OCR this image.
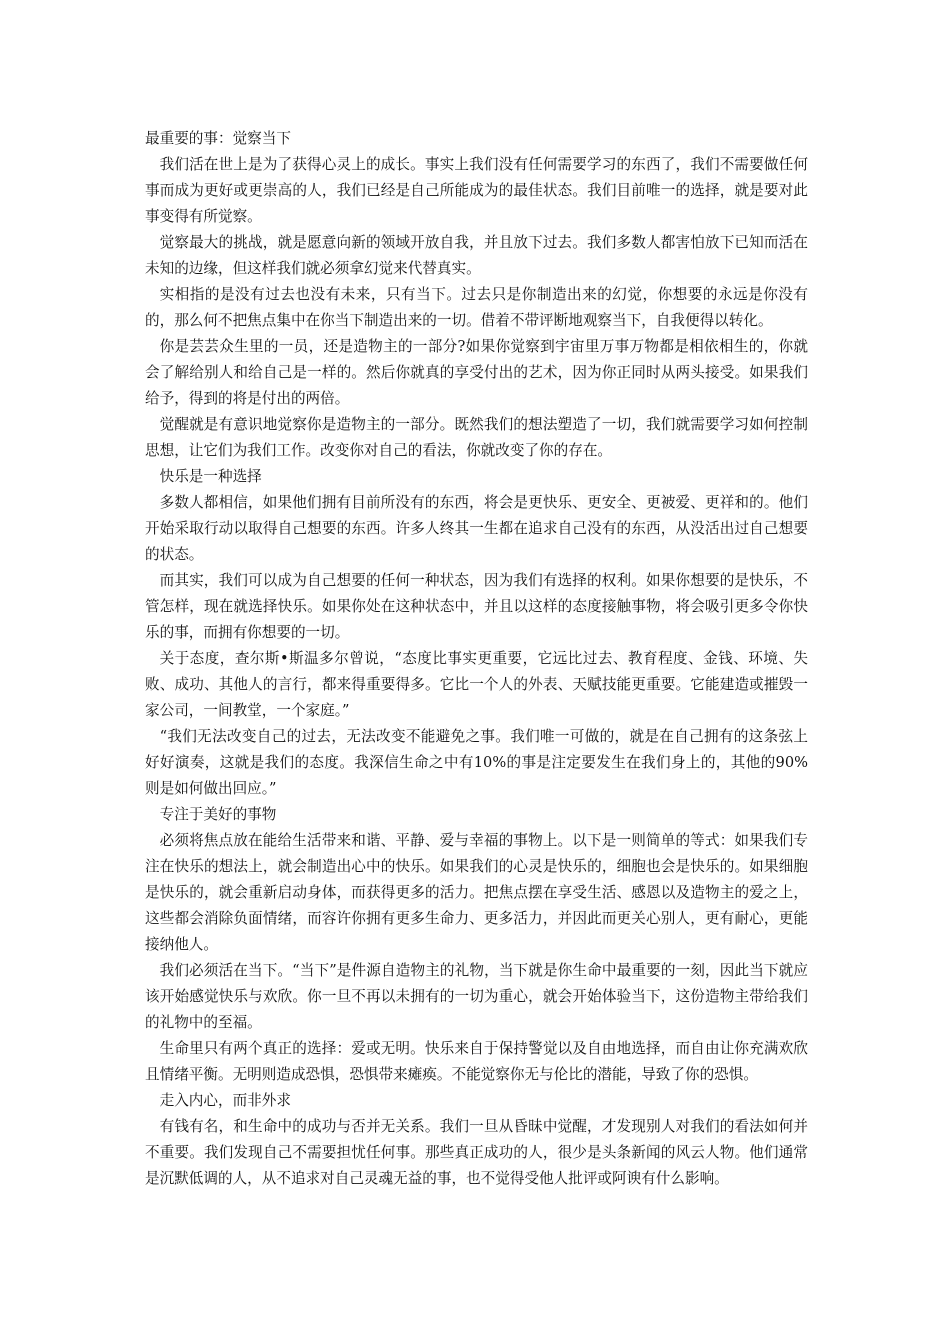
最重要的事：觉察当下
我们活在世上是为了获得心灵上的成长。事实上我们没有任何需要学习的东西了，我们不需要做任何事而成为更好或更崇高的人，我们已经是自己所能成为的最佳状态。我们目前唯一的选择，就是要对此事变得有所觉察。
觉察最大的挑战，就是愿意向新的领域开放自我，并且放下过去。我们多数人都害怕放下已知而活在未知的边缘，但这样我们就必须拿幻觉来代替真实。
实相指的是没有过去也没有未来，只有当下。过去只是你制造出来的幻觉，你想要的永远是你没有的，那么何不把焦点集中在你当下制造出来的一切。借着不带评断地观察当下，自我便得以转化。
你是芸芸众生里的一员，还是造物主的一部分?如果你觉察到宇宙里万事万物都是相依相生的，你就会了解给别人和给自己是一样的。然后你就真的享受付出的艺术，因为你正同时从两头接受。如果我们给予，得到的将是付出的两倍。
觉醒就是有意识地觉察你是造物主的一部分。既然我们的想法塑造了一切，我们就需要学习如何控制思想，让它们为我们工作。改变你对自己的看法，你就改变了你的存在。
快乐是一种选择
多数人都相信，如果他们拥有目前所没有的东西，将会是更快乐、更安全、更被爱、更祥和的。他们开始采取行动以取得自己想要的东西。许多人终其一生都在追求自己没有的东西，从没活出过自己想要的状态。
而其实，我们可以成为自己想要的任何一种状态，因为我们有选择的权利。如果你想要的是快乐，不管怎样，现在就选择快乐。如果你处在这种状态中，并且以这样的态度接触事物，将会吸引更多令你快乐的事，而拥有你想要的一切。
关于态度，查尔斯•斯温多尔曾说，“态度比事实更重要，它远比过去、教育程度、金钱、环境、失败、成功、其他人的言行，都来得重要得多。它比一个人的外表、天赋技能更重要。它能建造或摧毁一家公司，一间教堂，一个家庭。”
“我们无法改变自己的过去，无法改变不能避免之事。我们唯一可做的，就是在自己拥有的这条弦上好好演奏，这就是我们的态度。我深信生命之中有10%的事是注定要发生在我们身上的，其他的90%则是如何做出回应。”
专注于美好的事物
必须将焦点放在能给生活带来和谐、平静、爱与幸福的事物上。以下是一则简单的等式：如果我们专注在快乐的想法上，就会制造出心中的快乐。如果我们的心灵是快乐的，细胞也会是快乐的。如果细胞是快乐的，就会重新启动身体，而获得更多的活力。把焦点摆在享受生活、感恩以及造物主的爱之上，这些都会消除负面情绪，而容许你拥有更多生命力、更多活力，并因此而更关心别人，更有耐心，更能接纳他人。
我们必须活在当下。“当下”是件源自造物主的礼物，当下就是你生命中最重要的一刻，因此当下就应该开始感觉快乐与欢欣。你一旦不再以未拥有的一切为重心，就会开始体验当下，这份造物主带给我们的礼物中的至福。
生命里只有两个真正的选择：爱或无明。快乐来自于保持警觉以及自由地选择，而自由让你充满欢欣且情绪平衡。无明则造成恐惧，恐惧带来瘫痪。不能觉察你无与伦比的潜能，导致了你的恐惧。
走入内心，而非外求
有钱有名，和生命中的成功与否并无关系。我们一旦从昏昧中觉醒，才发现别人对我们的看法如何并不重要。我们发现自己不需要担忧任何事。那些真正成功的人，很少是头条新闻的风云人物。他们通常是沉默低调的人，从不追求对自己灵魂无益的事，也不觉得受他人批评或阿谀有什么影响。
